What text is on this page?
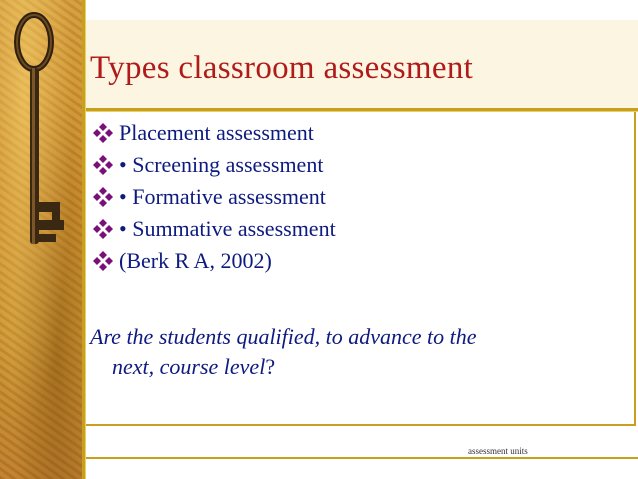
Types classroom assessment
Placement assessment
• Screening assessment
• Formative assessment
• Summative assessment
(Berk R A, 2002)

Are the students qualified, to advance to the
next, course level?

assessment units
